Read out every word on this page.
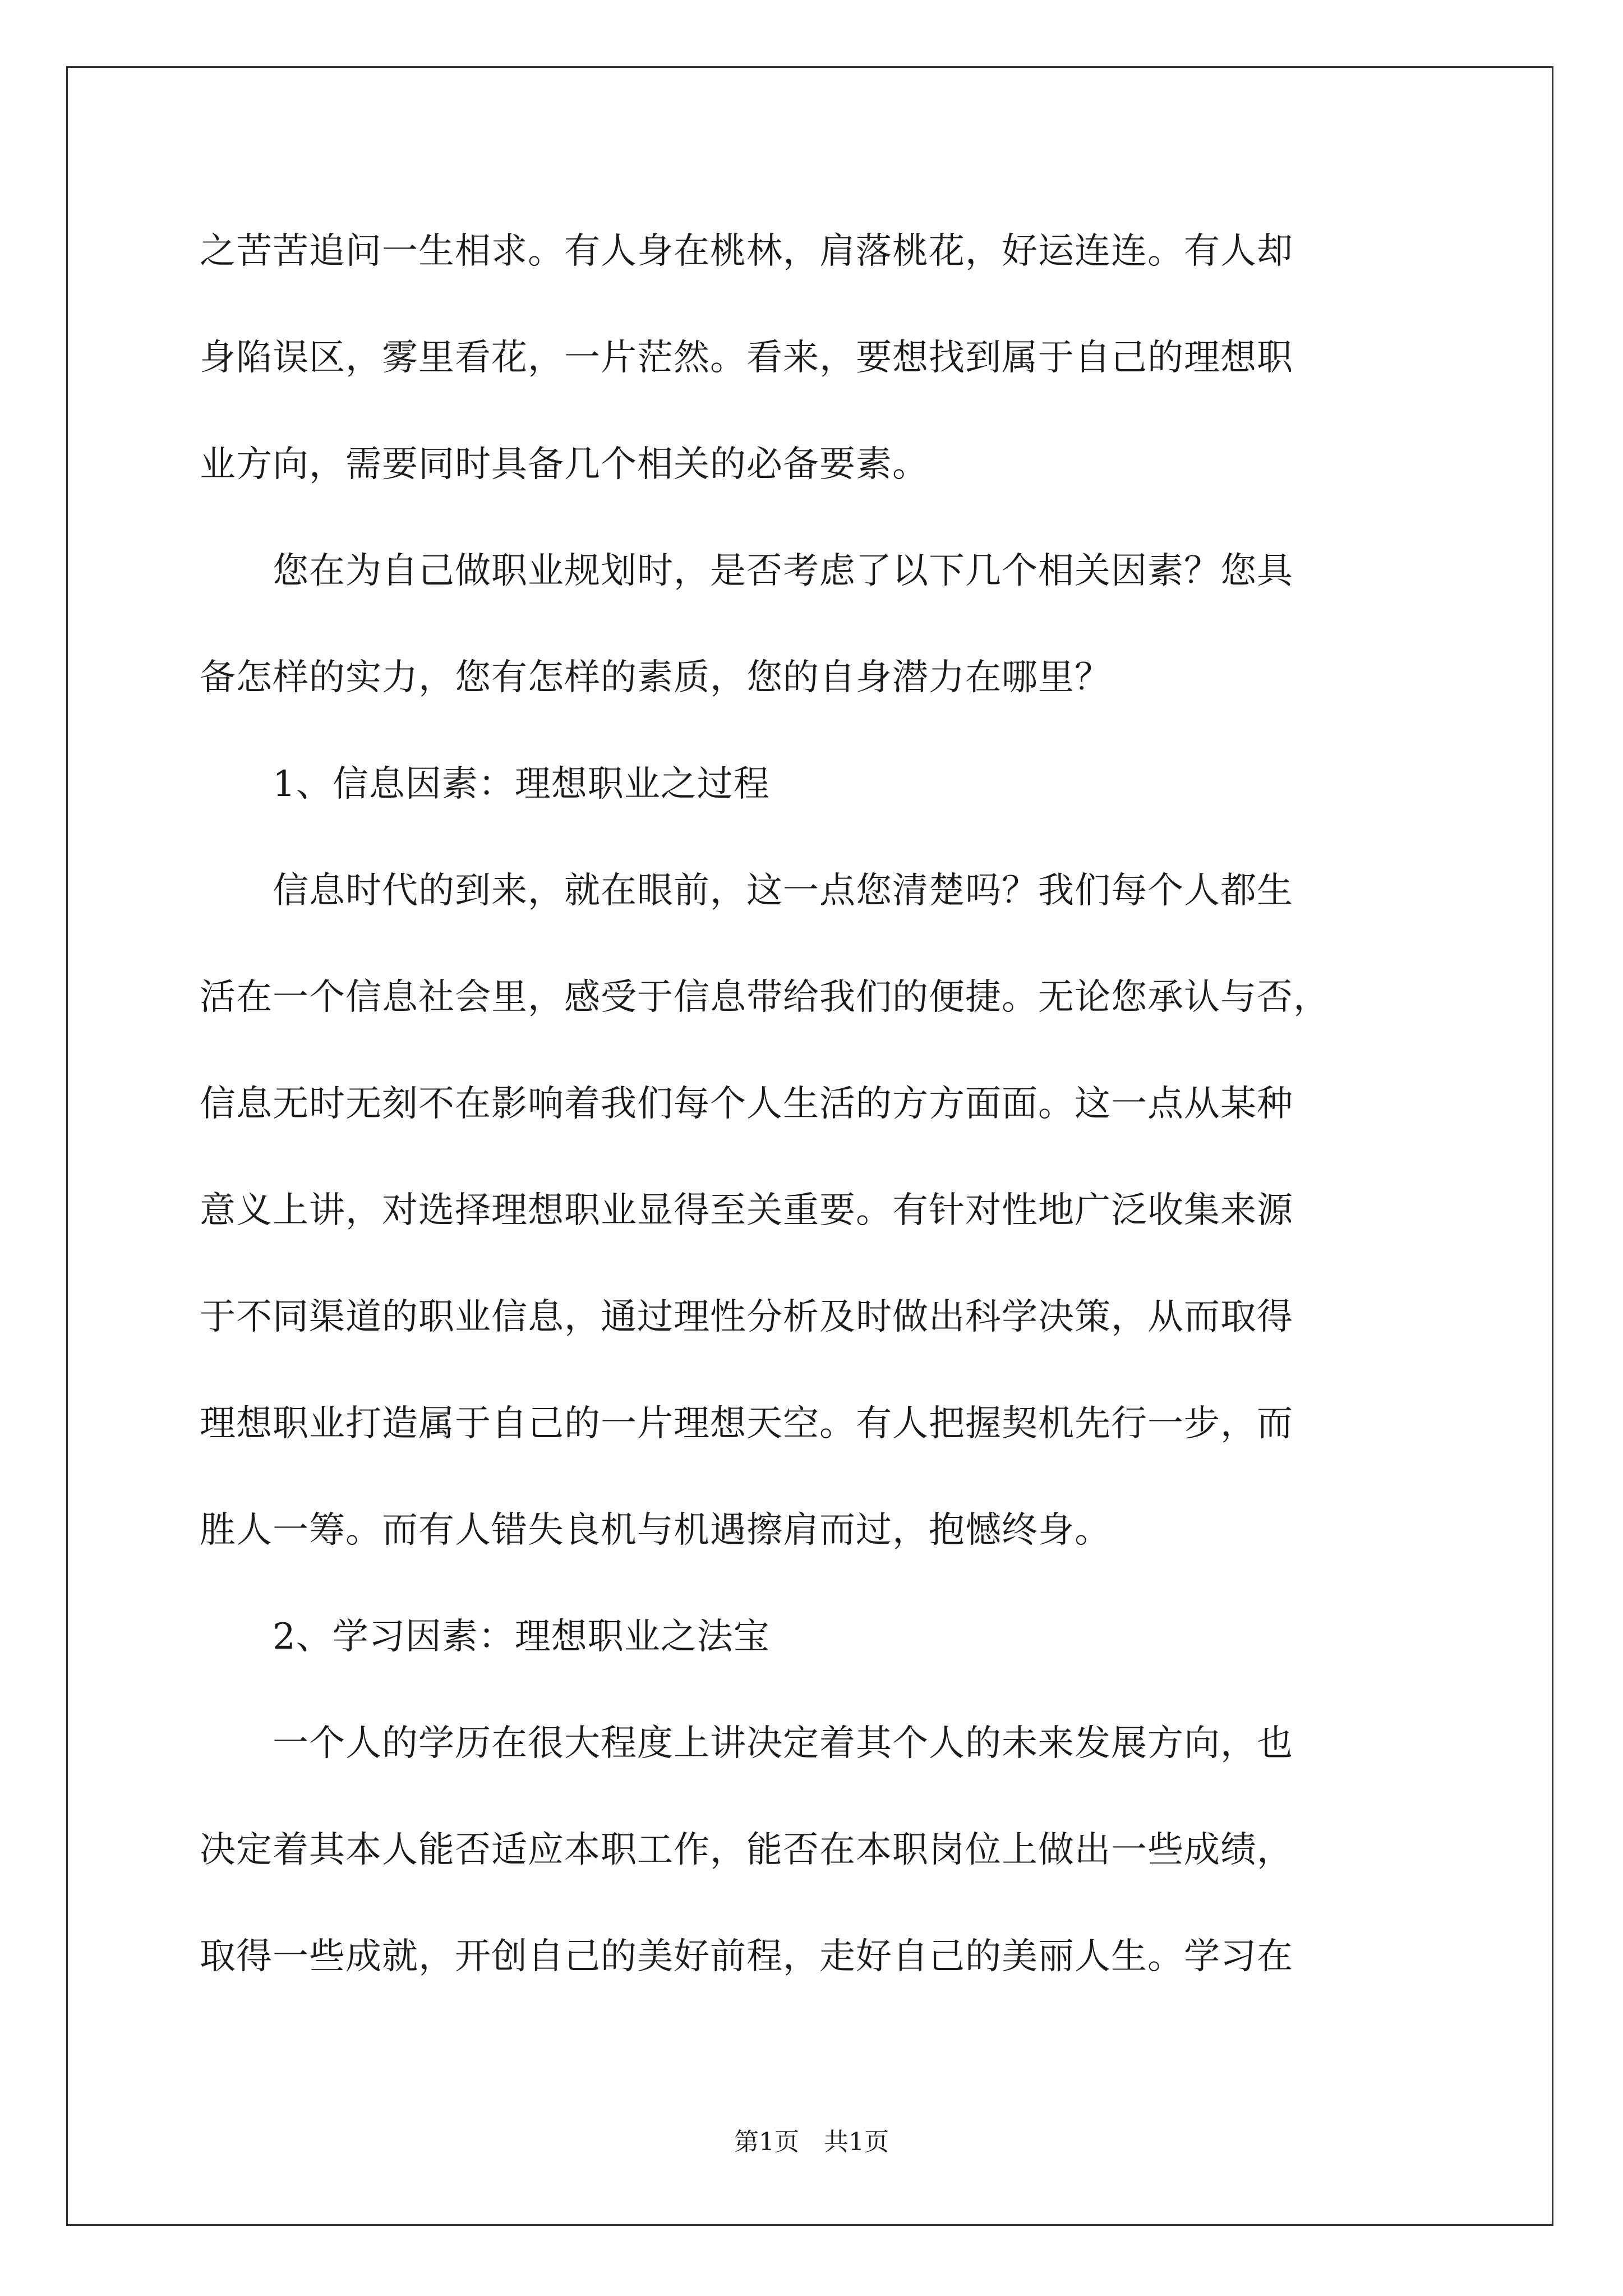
之苦苦追问一生相求。有人身在桃林，肩落桃花，好运连连。有人却
身陷误区，雾里看花，一片茫然。看来，要想找到属于自己的理想职
业方向，需要同时具备几个相关的必备要素。
　　您在为自己做职业规划时，是否考虑了以下几个相关因素？您具
备怎样的实力，您有怎样的素质，您的自身潜力在哪里？
　　1、信息因素：理想职业之过程
　　信息时代的到来，就在眼前，这一点您清楚吗？我们每个人都生
活在一个信息社会里，感受于信息带给我们的便捷。无论您承认与否，
信息无时无刻不在影响着我们每个人生活的方方面面。这一点从某种
意义上讲，对选择理想职业显得至关重要。有针对性地广泛收集来源
于不同渠道的职业信息，通过理性分析及时做出科学决策，从而取得
理想职业打造属于自己的一片理想天空。有人把握契机先行一步，而
胜人一筹。而有人错失良机与机遇擦肩而过，抱憾终身。
　　2、学习因素：理想职业之法宝
　　一个人的学历在很大程度上讲决定着其个人的未来发展方向，也
决定着其本人能否适应本职工作，能否在本职岗位上做出一些成绩，
取得一些成就，开创自己的美好前程，走好自己的美丽人生。学习在
第1页　共1页
